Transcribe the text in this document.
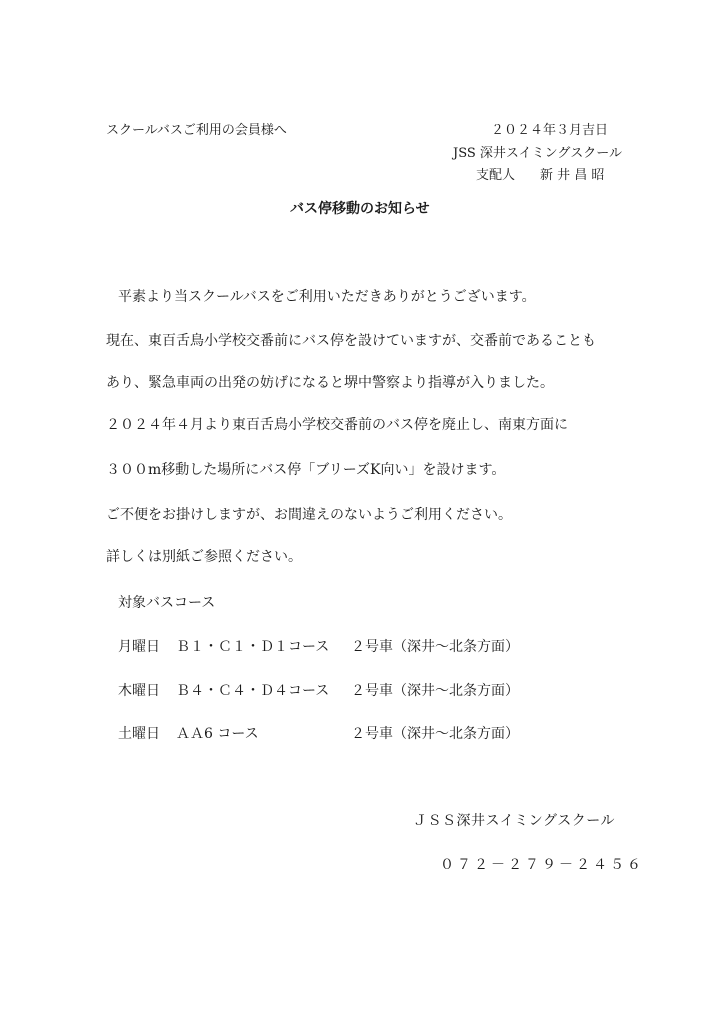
スクールバスご利用の会員様へ	２０２４年３月吉日
JSS 深井スイミングスクール
支配人 新 井 昌 昭
バス停移動のお知らせ
平素より当スクールバスをご利用いただきありがとうございます。
現在、東百舌鳥小学校交番前にバス停を設けていますが、交番前であることも
あり、緊急車両の出発の妨げになると堺中警察より指導が入りました。
２０２４年４月より東百舌鳥小学校交番前のバス停を廃止し、南東方面に
３００m移動した場所にバス停「ブリーズK向い」を設けます。
ご不便をお掛けしますが、お間違えのないようご利用ください。
詳しくは別紙ご参照ください。
対象バスコース
月曜日 Ｂ１・Ｃ１・Ｄ１コース ２号車（深井～北条方面）
木曜日 Ｂ４・Ｃ４・Ｄ４コース ２号車（深井～北条方面）
土曜日 ＡＡ6 コース	２号車（深井～北条方面）
ＪＳＳ深井スイミングスクール
０７２－２７９－２４５６
